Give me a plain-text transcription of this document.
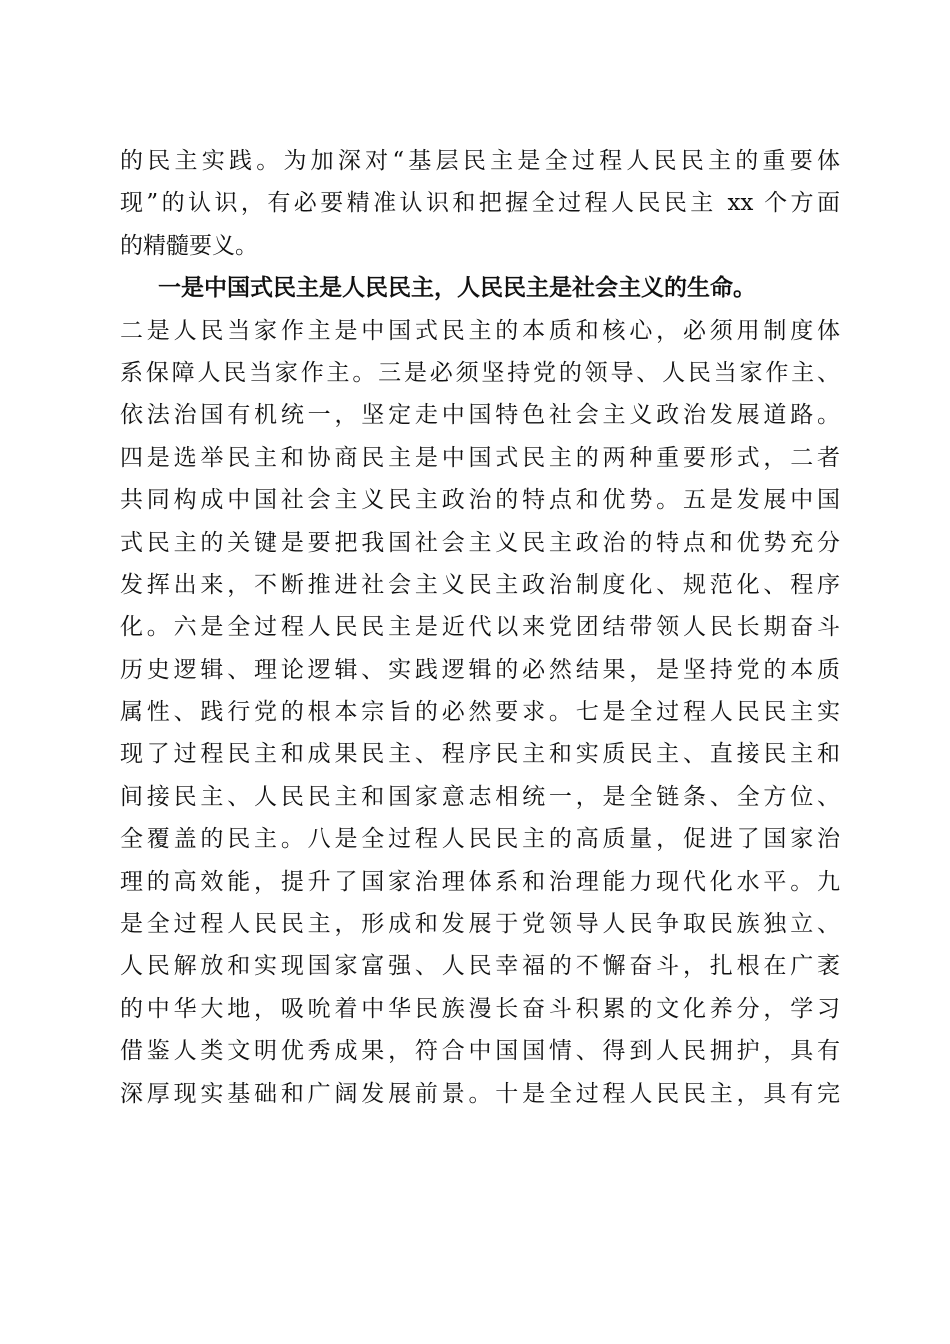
的民主实践。为加深对“基层民主是全过程人民民主的重要体
现”的认识，有必要精准认识和把握全过程人民民主 xx 个方面
的精髓要义。
一是中国式民主是人民民主，人民民主是社会主义的生命。
二是人民当家作主是中国式民主的本质和核心，必须用制度体
系保障人民当家作主。三是必须坚持党的领导、人民当家作主、
依法治国有机统一，坚定走中国特色社会主义政治发展道路。
四是选举民主和协商民主是中国式民主的两种重要形式，二者
共同构成中国社会主义民主政治的特点和优势。五是发展中国
式民主的关键是要把我国社会主义民主政治的特点和优势充分
发挥出来，不断推进社会主义民主政治制度化、规范化、程序
化。六是全过程人民民主是近代以来党团结带领人民长期奋斗
历史逻辑、理论逻辑、实践逻辑的必然结果，是坚持党的本质
属性、践行党的根本宗旨的必然要求。七是全过程人民民主实
现了过程民主和成果民主、程序民主和实质民主、直接民主和
间接民主、人民民主和国家意志相统一，是全链条、全方位、
全覆盖的民主。八是全过程人民民主的高质量，促进了国家治
理的高效能，提升了国家治理体系和治理能力现代化水平。九
是全过程人民民主，形成和发展于党领导人民争取民族独立、
人民解放和实现国家富强、人民幸福的不懈奋斗，扎根在广袤
的中华大地，吸吮着中华民族漫长奋斗积累的文化养分，学习
借鉴人类文明优秀成果，符合中国国情、得到人民拥护，具有
深厚现实基础和广阔发展前景。十是全过程人民民主，具有完
